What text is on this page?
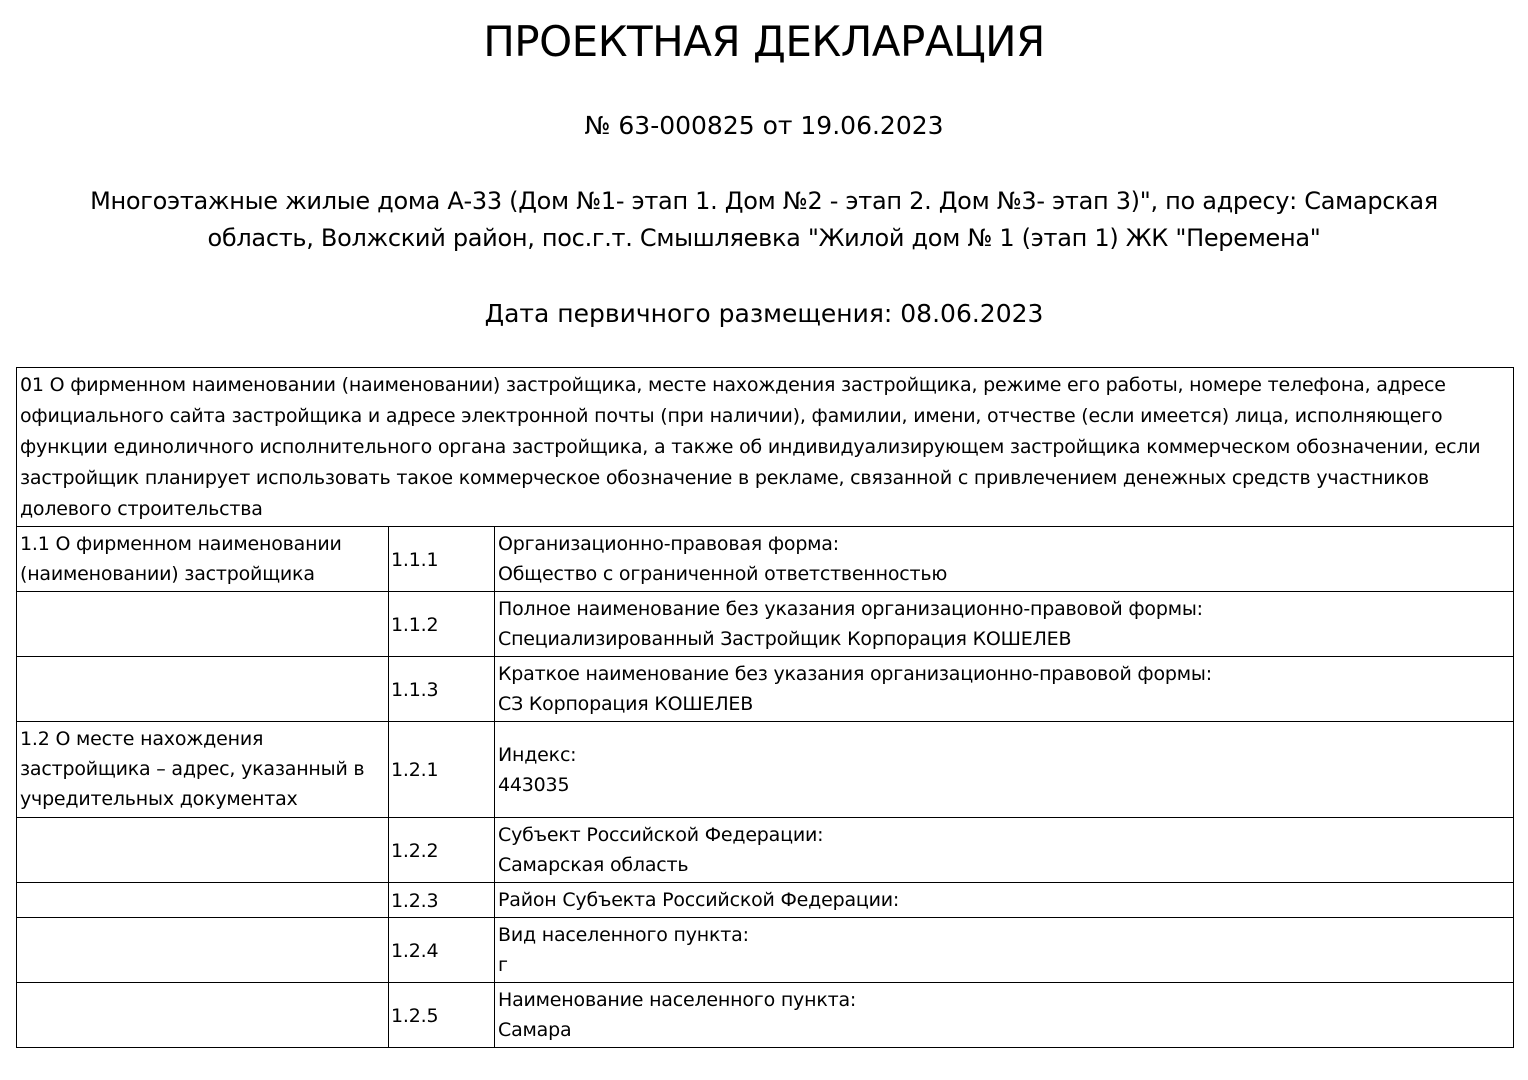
ПРОЕКТНАЯ ДЕКЛАРАЦИЯ
№ 63-000825 от 19.06.2023
Многоэтажные жилые дома А-33 (Дом №1- этап 1. Дом №2 - этап 2. Дом №3- этап 3)", по адресу: Самарская
область, Волжский район, пос.г.т. Смышляевка "Жилой дом № 1 (этап 1) ЖК "Перемена"
Дата первичного размещения: 08.06.2023
01 О фирменном наименовании (наименовании) застройщика, месте нахождения застройщика, режиме его работы, номере телефона, адресе официального сайта застройщика и адресе электронной почты (при наличии), фамилии, имени, отчестве (если имеется) лица, исполняющего функции единоличного исполнительного органа застройщика, а также об индивидуализирующем застройщика коммерческом обозначении, если застройщик планирует использовать такое коммерческое обозначение в рекламе, связанной с привлечением денежных средств участников долевого строительства		
1.1 О фирменном наименовании (наименовании) застройщика	1.1.1	Организационно-правовая форма:
Общество с ограниченной ответственностью

	1.1.2	Полное наименование без указания организационно-правовой формы:
Специализированный Застройщик Корпорация КОШЕЛЕВ

	1.1.3	Краткое наименование без указания организационно-правовой формы:
СЗ Корпорация КОШЕЛЕВ

1.2 О месте нахождения застройщика – адрес, указанный в учредительных документах	1.2.1	Индекс:
443035

	1.2.2	Субъект Российской Федерации:
Самарская область

	1.2.3	Район Субъекта Российской Федерации:

	1.2.4	Вид населенного пункта:
г

	1.2.5	Наименование населенного пункта:
Самара
